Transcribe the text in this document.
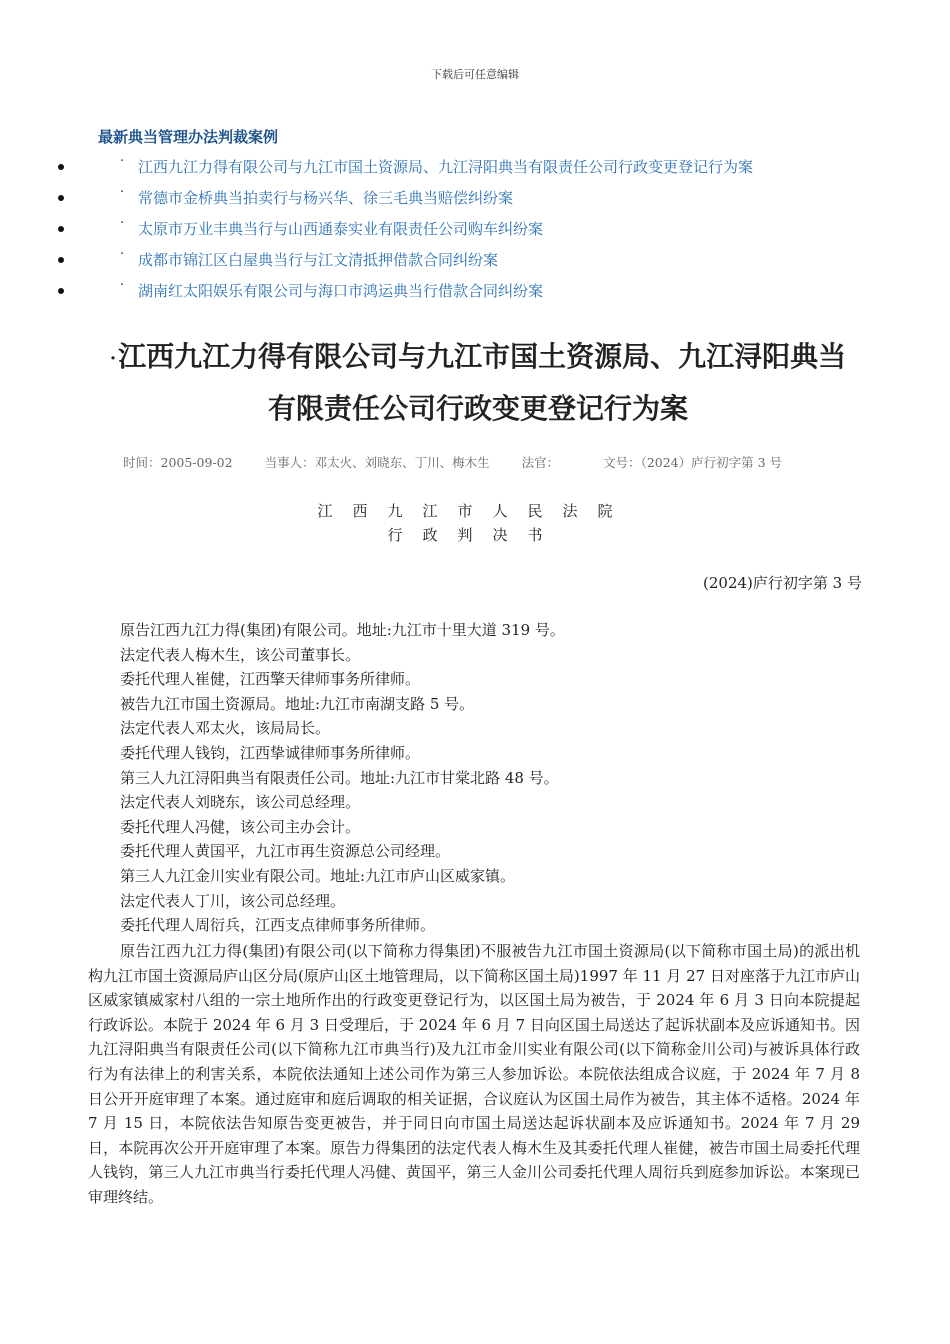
下载后可任意编辑
最新典当管理办法判裁案例
· 江西九江力得有限公司与九江市国土资源局、九江浔阳典当有限责任公司行政变更登记行为案
· 常德市金桥典当拍卖行与杨兴华、徐三毛典当赔偿纠纷案
· 太原市万业丰典当行与山西通泰实业有限责任公司购车纠纷案
· 成都市锦江区白屋典当行与江文清抵押借款合同纠纷案
· 湖南红太阳娱乐有限公司与海口市鸿运典当行借款合同纠纷案
·江西九江力得有限公司与九江市国土资源局、九江浔阳典当
有限责任公司行政变更登记行为案
时间：2005-09-02	当事人：邓太火、刘晓东、丁川、梅木生	法官：	文号：（2024）庐行初字第 3 号
江西九江市人民法院
行政判决书
(2024)庐行初字第 3 号
原告江西九江力得(集团)有限公司。地址:九江市十里大道 319 号。
法定代表人梅木生，该公司董事长。
委托代理人崔健，江西擎天律师事务所律师。
被告九江市国土资源局。地址:九江市南湖支路 5 号。
法定代表人邓太火，该局局长。
委托代理人钱钧，江西挚诚律师事务所律师。
第三人九江浔阳典当有限责任公司。地址:九江市甘棠北路 48 号。
法定代表人刘晓东，该公司总经理。
委托代理人冯健，该公司主办会计。
委托代理人黄国平，九江市再生资源总公司经理。
第三人九江金川实业有限公司。地址:九江市庐山区威家镇。
法定代表人丁川，该公司总经理。
委托代理人周衍兵，江西支点律师事务所律师。

原告江西九江力得(集团)有限公司(以下简称力得集团)不服被告九江市国土资源局(以下简称市国土局)的派出机构九江市国土资源局庐山区分局(原庐山区土地管理局，以下简称区国土局)1997 年 11 月 27 日对座落于九江市庐山区威家镇威家村八组的一宗土地所作出的行政变更登记行为，以区国土局为被告，于 2024 年 6 月 3 日向本院提起行政诉讼。本院于 2024 年 6 月 3 日受理后，于 2024 年 6 月 7 日向区国土局送达了起诉状副本及应诉通知书。因九江浔阳典当有限责任公司(以下简称九江市典当行)及九江市金川实业有限公司(以下简称金川公司)与被诉具体行政行为有法律上的利害关系，本院依法通知上述公司作为第三人参加诉讼。本院依法组成合议庭，于 2024 年 7 月 8 日公开开庭审理了本案。通过庭审和庭后调取的相关证据，合议庭认为区国土局作为被告，其主体不适格。2024 年 7 月 15 日，本院依法告知原告变更被告，并于同日向市国土局送达起诉状副本及应诉通知书。2024 年 7 月 29 日，本院再次公开开庭审理了本案。原告力得集团的法定代表人梅木生及其委托代理人崔健，被告市国土局委托代理人钱钧，第三人九江市典当行委托代理人冯健、黄国平，第三人金川公司委托代理人周衍兵到庭参加诉讼。本案现已审理终结。
